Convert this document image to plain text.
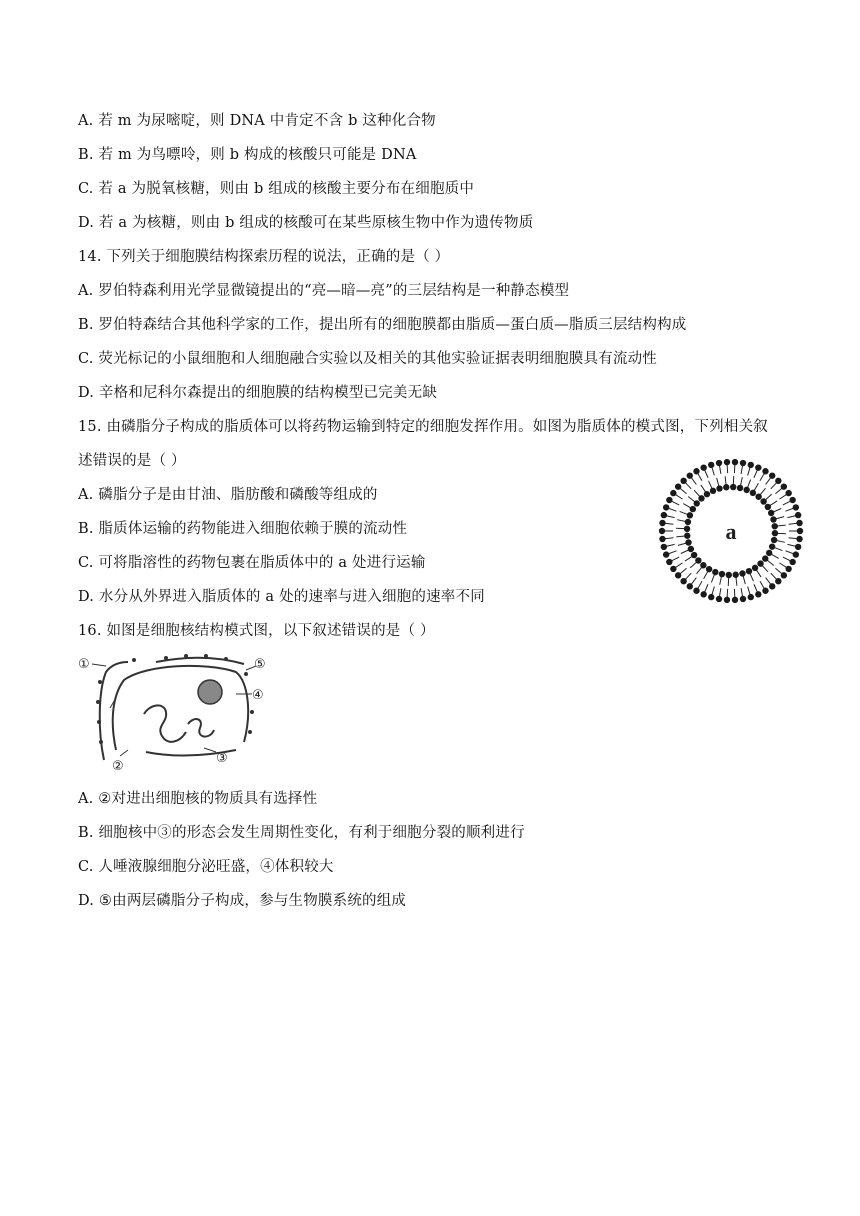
A. 若 m 为尿嘧啶，则 DNA 中肯定不含 b 这种化合物
B. 若 m 为鸟嘌呤，则 b 构成的核酸只可能是 DNA
C. 若 a 为脱氧核糖，则由 b 组成的核酸主要分布在细胞质中
D. 若 a 为核糖，则由 b 组成的核酸可在某些原核生物中作为遗传物质
14. 下列关于细胞膜结构探索历程的说法，正确的是（ ）
A. 罗伯特森利用光学显微镜提出的“亮—暗—亮”的三层结构是一种静态模型
B. 罗伯特森结合其他科学家的工作，提出所有的细胞膜都由脂质—蛋白质—脂质三层结构构成
C. 荧光标记的小鼠细胞和人细胞融合实验以及相关的其他实验证据表明细胞膜具有流动性
D. 辛格和尼科尔森提出的细胞膜的结构模型已完美无缺
15. 由磷脂分子构成的脂质体可以将药物运输到特定的细胞发挥作用。如图为脂质体的模式图，下列相关叙
述错误的是（ ）
A. 磷脂分子是由甘油、脂肪酸和磷酸等组成的
B. 脂质体运输的药物能进入细胞依赖于膜的流动性
C. 可将脂溶性的药物包裹在脂质体中的 a 处进行运输
D. 水分从外界进入脂质体的 a 处的速率与进入细胞的速率不同
16. 如图是细胞核结构模式图，以下叙述错误的是（ ）
A. ②对进出细胞核的物质具有选择性
B. 细胞核中③的形态会发生周期性变化，有利于细胞分裂的顺利进行
C. 人唾液腺细胞分泌旺盛，④体积较大
D. ⑤由两层磷脂分子构成，参与生物膜系统的组成
a
①
②
③
④
⑤
